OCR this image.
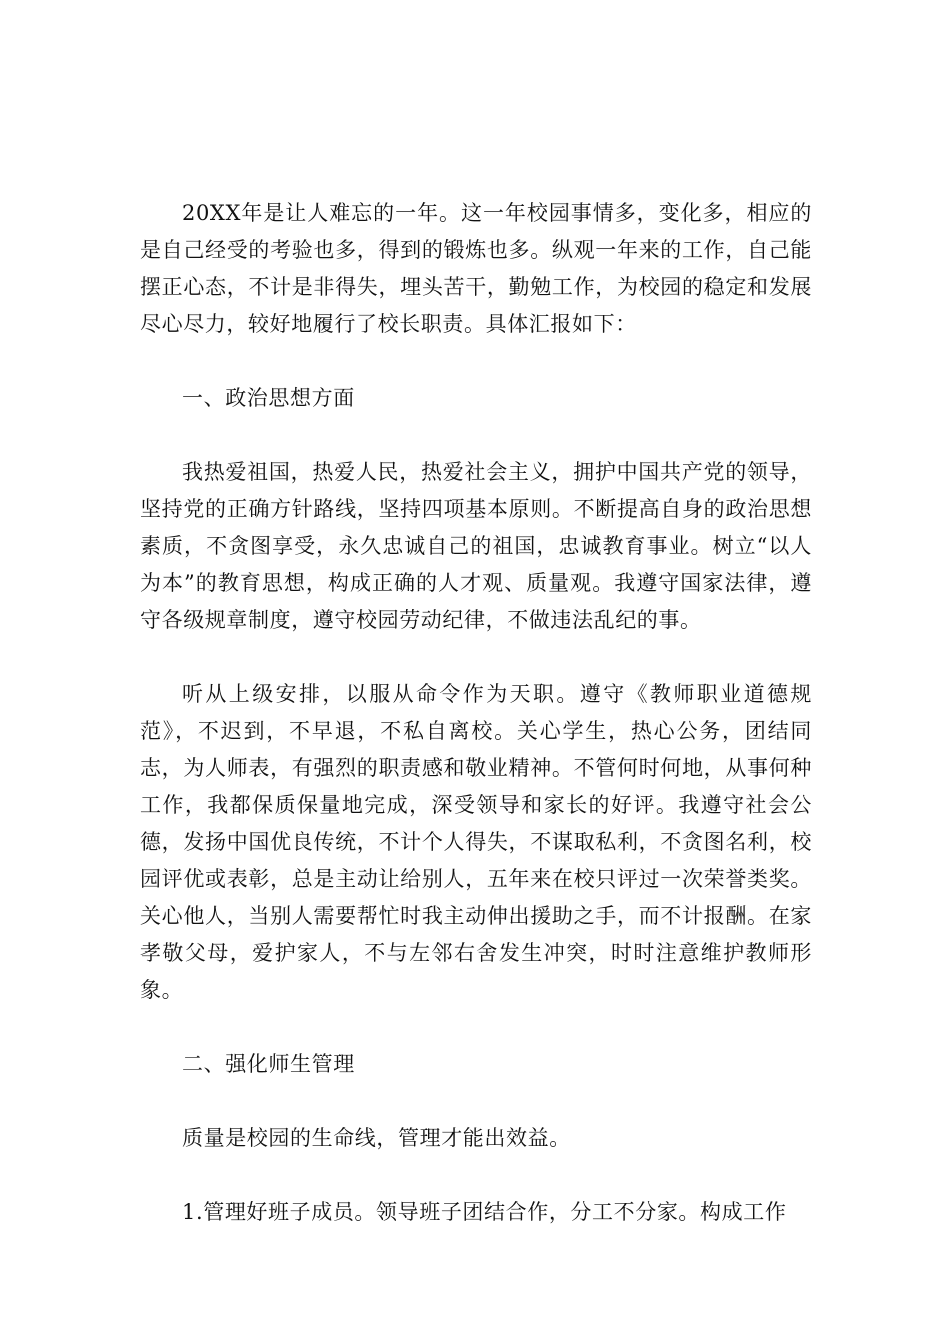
20XX年是让人难忘的一年。这一年校园事情多，变化多，相应的是自己经受的考验也多，得到的锻炼也多。纵观一年来的工作，自己能摆正心态，不计是非得失，埋头苦干，勤勉工作，为校园的稳定和发展尽心尽力，较好地履行了校长职责。具体汇报如下：

一、政治思想方面

我热爱祖国，热爱人民，热爱社会主义，拥护中国共产党的领导，坚持党的正确方针路线，坚持四项基本原则。不断提高自身的政治思想素质，不贪图享受，永久忠诚自己的祖国，忠诚教育事业。树立“以人为本”的教育思想，构成正确的人才观、质量观。我遵守国家法律，遵守各级规章制度，遵守校园劳动纪律，不做违法乱纪的事。

听从上级安排，以服从命令作为天职。遵守《教师职业道德规范》，不迟到，不早退，不私自离校。关心学生，热心公务，团结同志，为人师表，有强烈的职责感和敬业精神。不管何时何地，从事何种工作，我都保质保量地完成，深受领导和家长的好评。我遵守社会公德，发扬中国优良传统，不计个人得失，不谋取私利，不贪图名利，校园评优或表彰，总是主动让给别人，五年来在校只评过一次荣誉类奖。关心他人，当别人需要帮忙时我主动伸出援助之手，而不计报酬。在家孝敬父母，爱护家人，不与左邻右舍发生冲突，时时注意维护教师形象。

二、强化师生管理

质量是校园的生命线，管理才能出效益。

1.管理好班子成员。领导班子团结合作，分工不分家。构成工作
